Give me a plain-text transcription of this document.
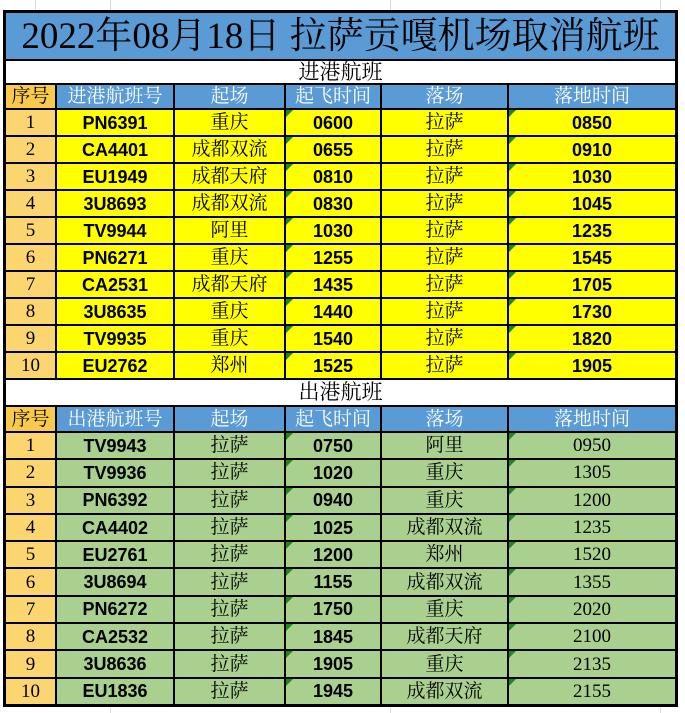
2022年08月18日 拉萨贡嘎机场取消航班
进港航班
序号 进港航班号	起场	起飞时间	落场	落地时间
1	PN6391	重庆	0600	拉萨	0850
2	CA4401	成都双流	0655	拉萨	0910
3	EU1949	成都天府	0810	拉萨	1030
4	3U8693	成都双流	0830	拉萨	1045
5	TV9944	阿里	1030	拉萨	1235
6	PN6271	重庆	1255	拉萨	1545
7	CA2531	成都天府	1435	拉萨	1705
8	3U8635	重庆	1440	拉萨	1730
9	TV9935	重庆	1540	拉萨	1820
10	EU2762	郑州	1525	拉萨	1905
出港航班
序号 出港航班号	起场	起飞时间	落场	落地时间
1	TV9943	拉萨	0750	阿里	0950
2	TV9936	拉萨	1020	重庆	1305
3	PN6392	拉萨	0940	重庆	1200
4	CA4402	拉萨	1025	成都双流	1235
5	EU2761	拉萨	1200	郑州	1520
6	3U8694	拉萨	1155	成都双流	1355
7	PN6272	拉萨	1750	重庆	2020
8	CA2532	拉萨	1845	成都天府	2100
9	3U8636	拉萨	1905	重庆	2135
10	EU1836	拉萨	1945	成都双流	2155
